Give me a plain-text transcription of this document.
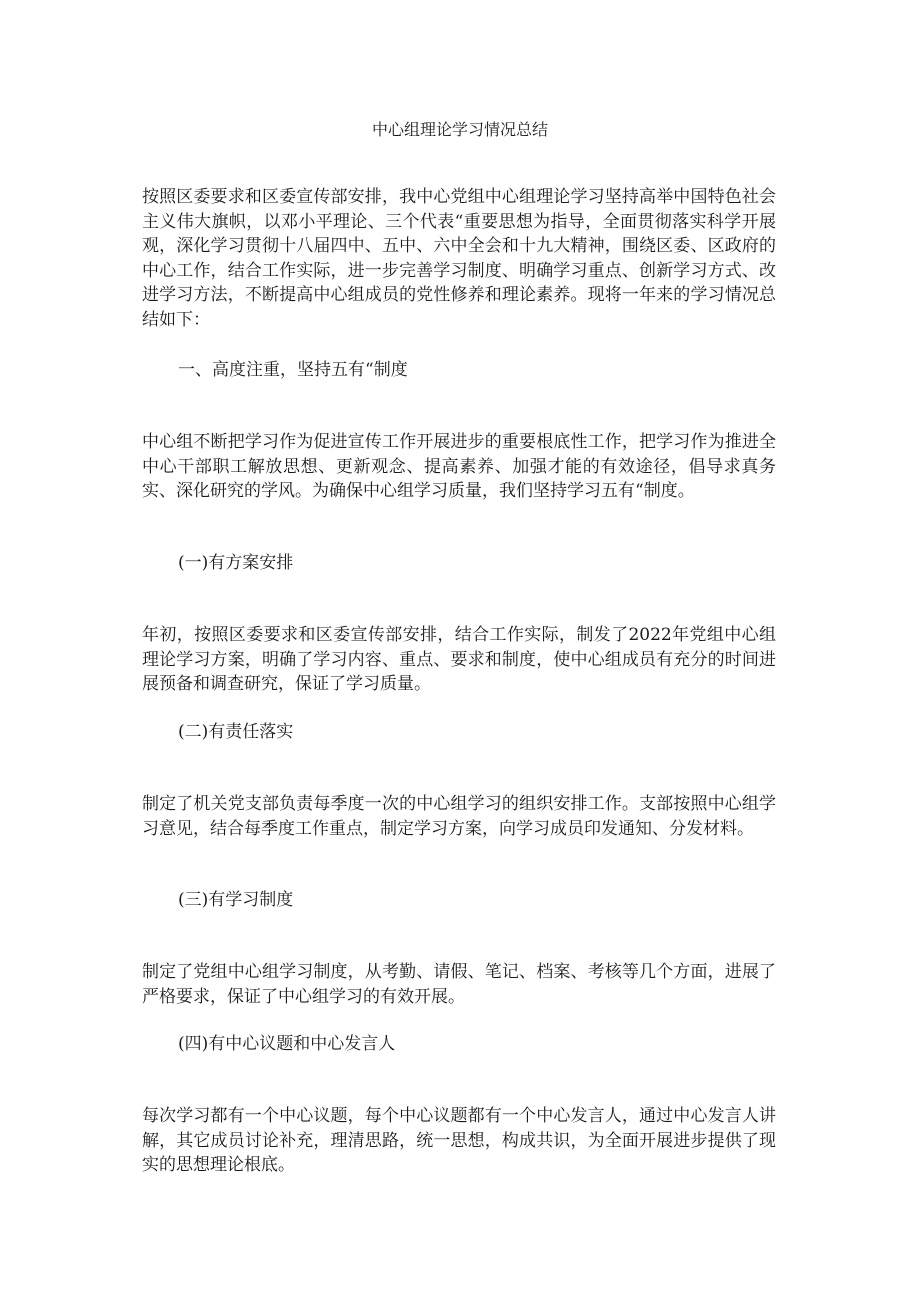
中心组理论学习情况总结

按照区委要求和区委宣传部安排，我中心党组中心组理论学习坚持高举中国特色社会主义伟大旗帜，以邓小平理论、三个代表“重要思想为指导，全面贯彻落实科学开展观，深化学习贯彻十八届四中、五中、六中全会和十九大精神，围绕区委、区政府的中心工作，结合工作实际，进一步完善学习制度、明确学习重点、创新学习方式、改进学习方法，不断提高中心组成员的党性修养和理论素养。现将一年来的学习情况总结如下：

一、高度注重，坚持五有“制度

中心组不断把学习作为促进宣传工作开展进步的重要根底性工作，把学习作为推进全中心干部职工解放思想、更新观念、提高素养、加强才能的有效途径，倡导求真务实、深化研究的学风。为确保中心组学习质量，我们坚持学习五有“制度。

(一)有方案安排

年初，按照区委要求和区委宣传部安排，结合工作实际，制发了2022年党组中心组理论学习方案，明确了学习内容、重点、要求和制度，使中心组成员有充分的时间进展预备和调查研究，保证了学习质量。

(二)有责任落实

制定了机关党支部负责每季度一次的中心组学习的组织安排工作。支部按照中心组学习意见，结合每季度工作重点，制定学习方案，向学习成员印发通知、分发材料。

(三)有学习制度

制定了党组中心组学习制度，从考勤、请假、笔记、档案、考核等几个方面，进展了严格要求，保证了中心组学习的有效开展。

(四)有中心议题和中心发言人

每次学习都有一个中心议题，每个中心议题都有一个中心发言人，通过中心发言人讲解，其它成员讨论补充，理清思路，统一思想，构成共识，为全面开展进步提供了现实的思想理论根底。
